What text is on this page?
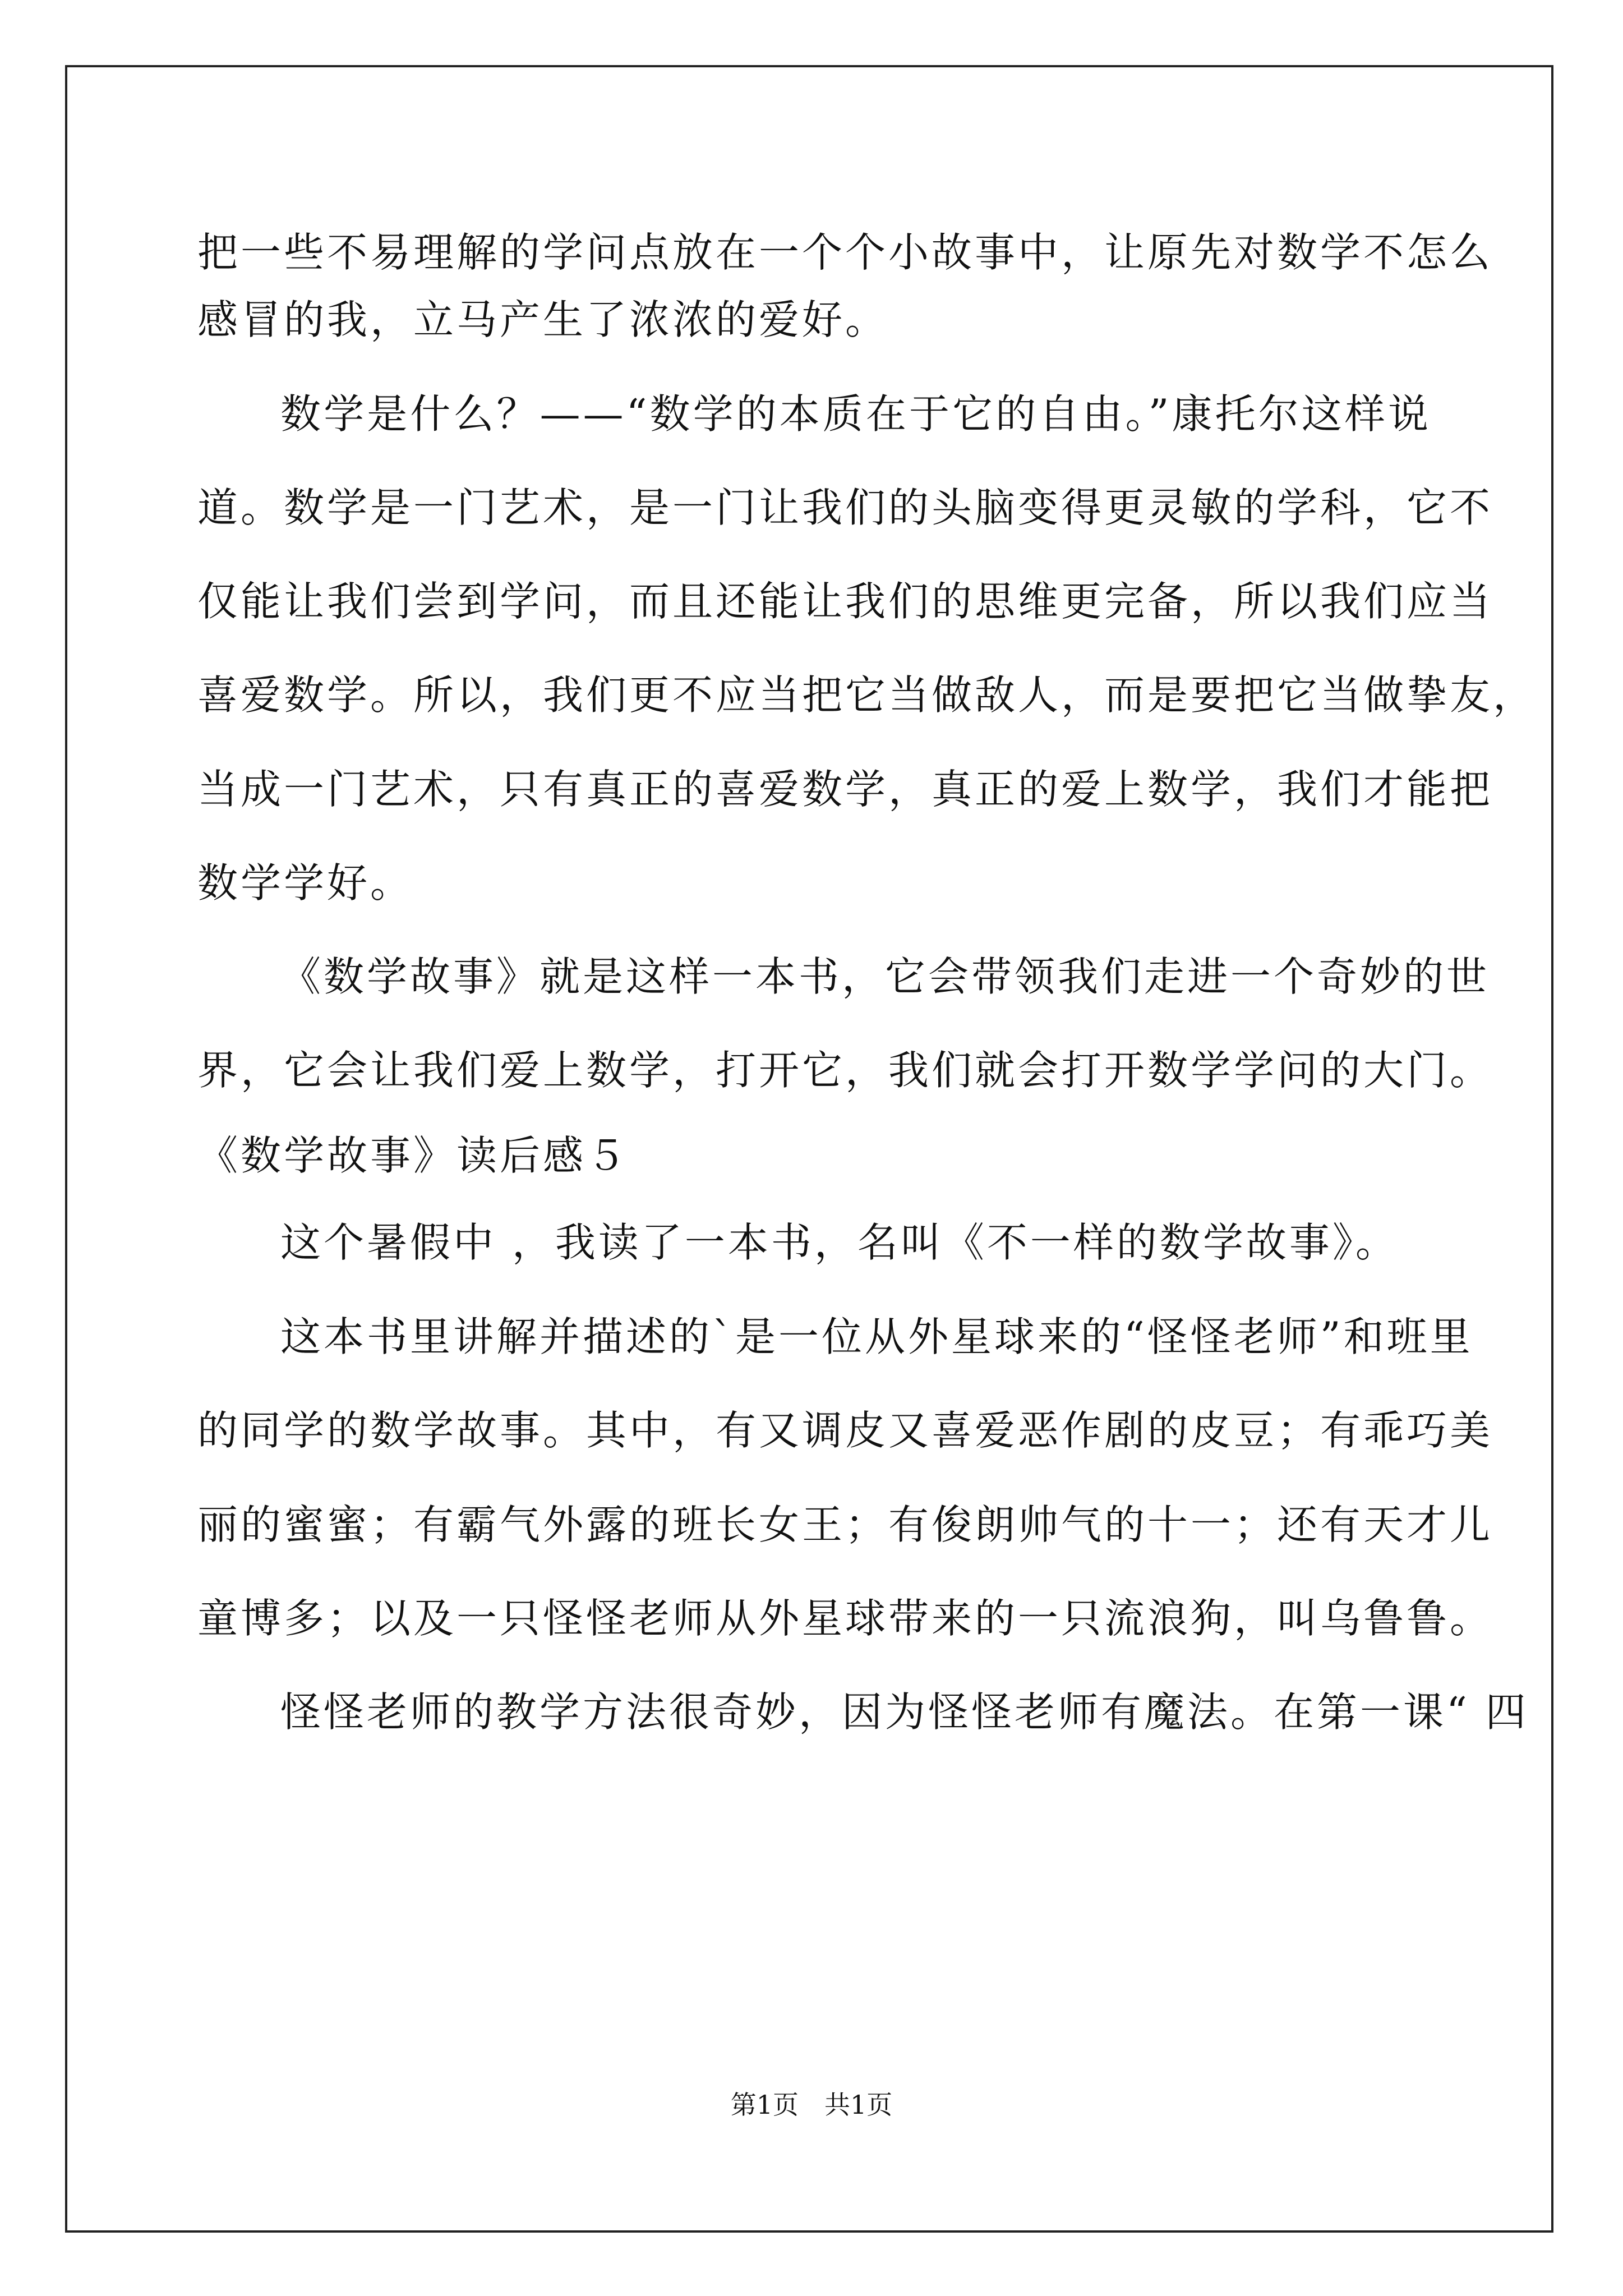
把一些不易理解的学问点放在一个个小故事中，让原先对数学不怎么
感冒的我，立马产生了浓浓的爱好。
数学是什么？——“数学的本质在于它的自由。”康托尔这样说
道。数学是一门艺术，是一门让我们的头脑变得更灵敏的学科，它不
仅能让我们尝到学问，而且还能让我们的思维更完备，所以我们应当
喜爱数学。所以，我们更不应当把它当做敌人，而是要把它当做挚友，
当成一门艺术，只有真正的喜爱数学，真正的爱上数学，我们才能把
数学学好。
《数学故事》就是这样一本书，它会带领我们走进一个奇妙的世
界，它会让我们爱上数学，打开它，我们就会打开数学学问的大门。
《数学故事》读后感５
这个暑假中 ，我读了一本书，名叫《不一样的数学故事》。
这本书里讲解并描述的`是一位从外星球来的“怪怪老师”和班里
的同学的数学故事。其中，有又调皮又喜爱恶作剧的皮豆；有乖巧美
丽的蜜蜜；有霸气外露的班长女王；有俊朗帅气的十一；还有天才儿
童博多；以及一只怪怪老师从外星球带来的一只流浪狗，叫乌鲁鲁。
怪怪老师的教学方法很奇妙，因为怪怪老师有魔法。在第一课“ 四
第1页　共1页
